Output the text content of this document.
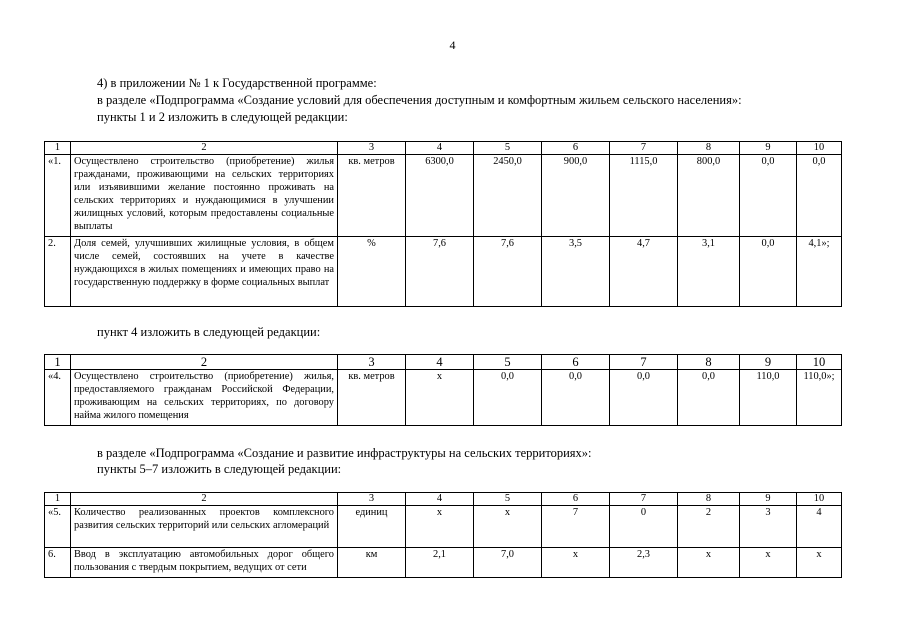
4
4) в приложении № 1 к Государственной программе:
в разделе «Подпрограмма «Создание условий для обеспечения доступным и комфортным жильем сельского населения»:
пункты 1 и 2 изложить в следующей редакции:
1	2	3	4	5	6	7	8	9	10
«1.	Осуществлено строительство (приобретение) жилья гражданами, проживающими на сельских территориях или изъявившими желание постоянно проживать на сельских территориях и нуждающимися в улучшении жилищных условий, которым предоставлены социальные выплаты	кв. метров	6300,0	2450,0	900,0	1115,0	800,0	0,0	0,0
2.	Доля семей, улучшивших жилищные условия, в общем числе семей, состоявших на учете в качестве нуждающихся в жилых помещениях и имеющих право на государственную поддержку в форме социальных выплат	%	7,6	7,6	3,5	4,7	3,1	0,0	4,1»;
пункт 4 изложить в следующей редакции:
1	2	3	4	5	6	7	8	9	10
«4.	Осуществлено строительство (приобретение) жилья, предоставляемого гражданам Российской Федерации, проживающим на сельских территориях, по договору найма жилого помещения	кв. метров	х	0,0	0,0	0,0	0,0	110,0	110,0»;
в разделе «Подпрограмма «Создание и развитие инфраструктуры на сельских территориях»:
пункты 5–7 изложить в следующей редакции:
1	2	3	4	5	6	7	8	9	10
«5.	Количество реализованных проектов комплексного развития сельских территорий или сельских агломераций	единиц	х	х	7	0	2	3	4
6.	Ввод в эксплуатацию автомобильных дорог общего пользования с твердым покрытием, ведущих от сети	км	2,1	7,0	х	2,3	х	х	х
